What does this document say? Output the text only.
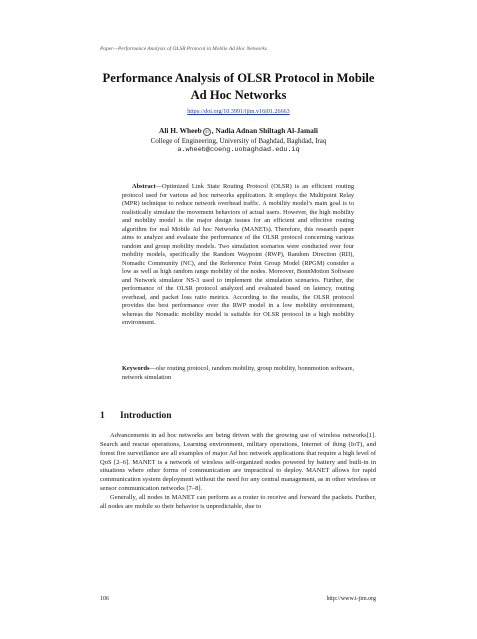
Paper—Performance Analysis of OLSR Protocol in Mobile Ad Hoc Networks
Performance Analysis of OLSR Protocol in Mobile
Ad Hoc Networks
https://doi.org/10.3991/ijim.v16i01.26663
Ali H. Wheeb iD , Nadia Adnan Shiltagh Al-Jamali
College of Engineering, University of Baghdad, Baghdad, Iraq
a.wheeb@coeng.uobaghdad.edu.iq

Abstract—Optimized Link State Routing Protocol (OLSR) is an efficient routing protocol used for various ad hoc networks application. It employs the Multipoint Relay (MPR) technique to reduce network overhead traffic. A mobility model’s main goal is to realistically simulate the movement behaviors of actual users. However, the high mobility and mobility model is the major design issues for an efficient and effective routing algorithm for real Mobile Ad hoc Networks (MANETs). Therefore, this research paper aims to analyze and evaluate the performance of the OLSR protocol concerning various random and group mobility models. Two simulation scenarios were conducted over four mobility models, specifically the Random Waypoint (RWP), Random Direction (RD), Nomadic Community (NC), and the Reference Point Group Model (RPGM) consider a low as well as high random range mobility of the nodes. Moreover, BonnMotion Software and Network simulator NS-3 used to implement the simulation scenarios. Further, the performance of the OLSR protocol analyzed and evaluated based on latency, routing overhead, and packet loss ratio metrics. According to the results, the OLSR protocol provides the best performance over the RWP model in a low mobility environment, whereas the Nomadic mobility model is suitable for OLSR protocol in a high mobility environment.

Keywords—olsr routing protocol, random mobility, group mobility, bonnmotion software, network simulation

1 Introduction

Advancements in ad hoc networks are being driven with the growing use of wireless networks[1]. Search and rescue operations, Learning environment, military operations, Internet of thing (IoT), and forest fire surveillance are all examples of major Ad hoc network applications that require a high level of QoS [2–6]. MANET is a network of wireless self-organized nodes powered by battery and built-in in situations where other forms of communication are impractical to deploy. MANET allows for rapid communication system deployment without the need for any central management, as in other wireless or sensor communication networks [7–8].

Generally, all nodes in MANET can perform as a router to receive and forward the packets. Further, all nodes are mobile so their behavior is unpredictable, due to

106	http://www.i-jim.org
